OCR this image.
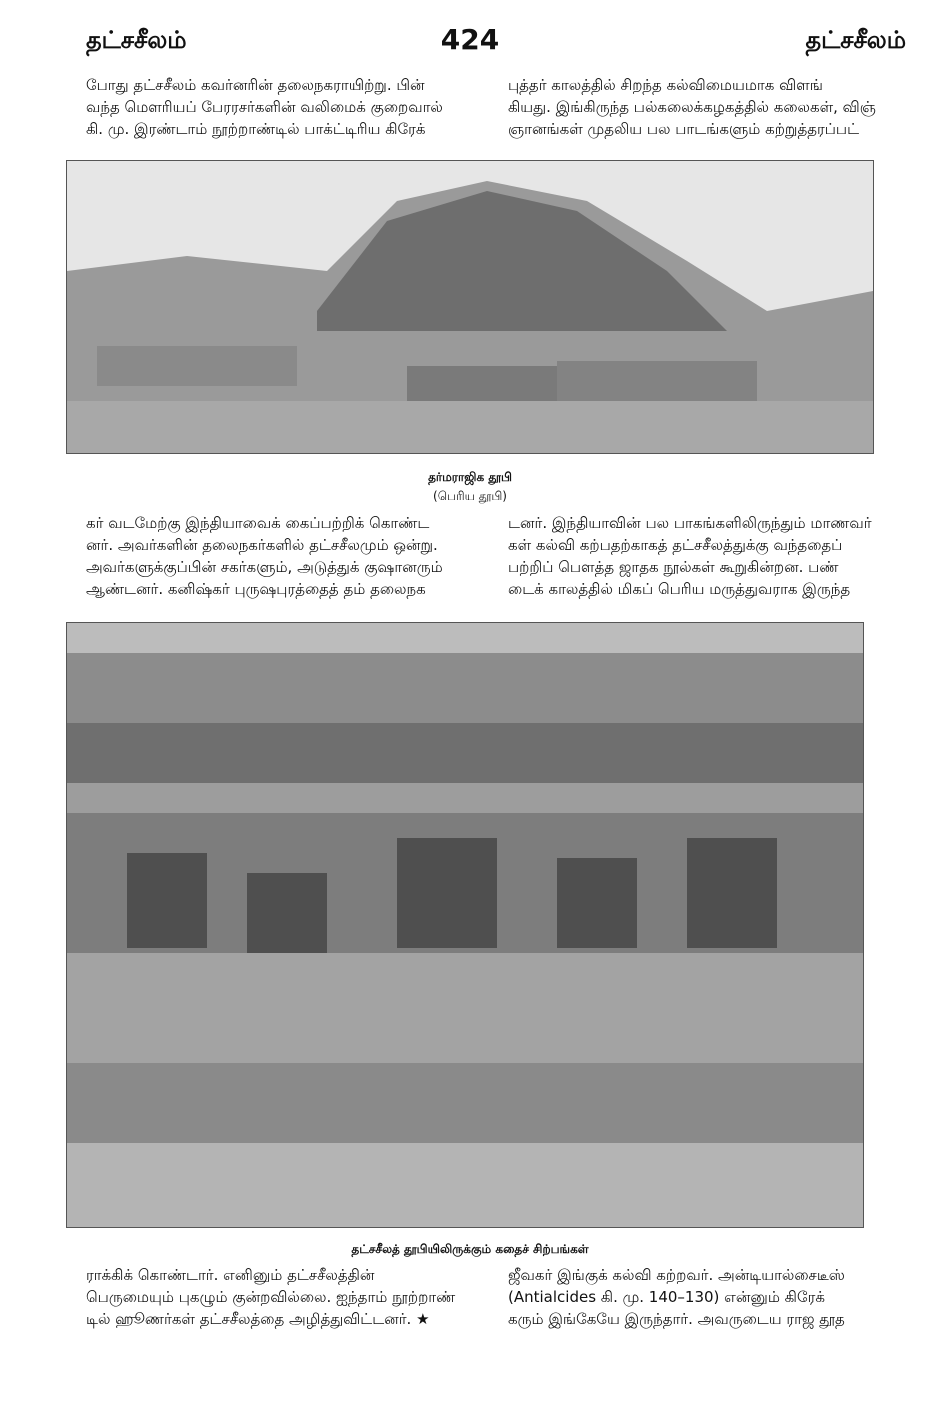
தட்சசீலம்	424	தட்சசீலம்

போது தட்சசீலம் கவர்னரின் தலைநகராயிற்று. பின்

வந்த மௌரியப் பேரரசர்களின் வலிமைக் குறைவால்

கி. மு. இரண்டாம் நூற்றாண்டில் பாக்ட்டிரிய கிரேக்

புத்தர் காலத்தில் சிறந்த கல்விமையமாக விளங்

கியது. இங்கிருந்த பல்கலைக்கழகத்தில் கலைகள், விஞ்

ஞானங்கள் முதலிய பல பாடங்களும் கற்றுத்தரப்பட்

தர்மராஜிக தூபி
(பெரிய தூபி)

கர் வடமேற்கு இந்தியாவைக் கைப்பற்றிக் கொண்ட

னர். அவர்களின் தலைநகர்களில் தட்சசீலமும் ஒன்று.

அவர்களுக்குப்பின் சகர்களும், அடுத்துக் குஷானரும்

ஆண்டனர். கனிஷ்கர் புருஷபுரத்தைத் தம் தலைநக

டனர். இந்தியாவின் பல பாகங்களிலிருந்தும் மாணவர்

கள் கல்வி கற்பதற்காகத் தட்சசீலத்துக்கு வந்ததைப்

பற்றிப் பௌத்த ஜாதக நூல்கள் கூறுகின்றன. பண்

டைக் காலத்தில் மிகப் பெரிய மருத்துவராக இருந்த

தட்சசீலத் தூபியிலிருக்கும் கதைச் சிற்பங்கள்

ராக்கிக் கொண்டார். எனினும் தட்சசீலத்தின்

பெருமையும் புகழும் குன்றவில்லை. ஐந்தாம் நூற்றாண்

டில் ஹூணர்கள் தட்சசீலத்தை அழித்துவிட்டனர். ★

ஜீவகர் இங்குக் கல்வி கற்றவர். அன்டியால்சைடீஸ்

(Antialcides கி. மு. 140–130) என்னும் கிரேக்

கரும் இங்கேயே இருந்தார். அவருடைய ராஜ தூத
